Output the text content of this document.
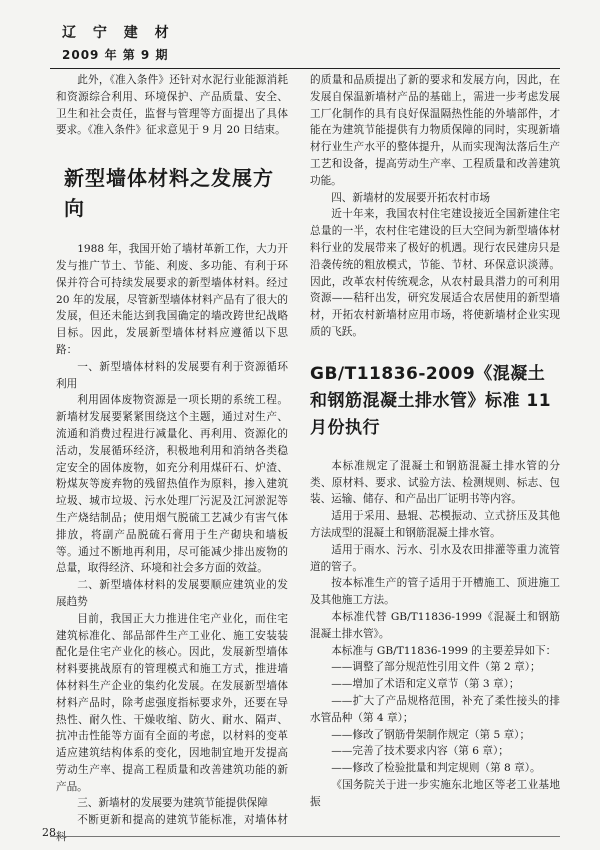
辽 宁 建 材
2009 年 第 9 期

此外，《准入条件》还针对水泥行业能源消耗和资源综合利用、环境保护、产品质量、安全、卫生和社会责任，监督与管理等方面提出了具体要求。《准入条件》征求意见于 9 月 20 日结束。

新型墙体材料之发展方向

1988 年，我国开始了墙材革新工作，大力开发与推广节土、节能、利废、多功能、有利于环保并符合可持续发展要求的新型墙体材料。经过 20 年的发展，尽管新型墙体材料产品有了很大的发展，但还未能达到我国确定的墙改跨世纪战略目标。因此，发展新型墙体材料应遵循以下思路：

一、新型墙体材料的发展要有利于资源循环利用

利用固体废物资源是一项长期的系统工程。新墙材发展要紧紧围绕这个主题，通过对生产、流通和消费过程进行减量化、再利用、资源化的活动，发展循环经济，积极地利用和消纳各类稳定安全的固体废物，如充分利用煤矸石、炉渣、粉煤灰等废弃物的残留热值作为原料，掺入建筑垃圾、城市垃圾、污水处理厂污泥及江河淤泥等生产烧结制品；使用烟气脱硫工艺减少有害气体排放，将副产品脱硫石膏用于生产砌块和墙板等。通过不断地再利用，尽可能减少排出废物的总量，取得经济、环境和社会多方面的效益。

二、新型墙体材料的发展要顺应建筑业的发展趋势

目前，我国正大力推进住宅产业化，而住宅建筑标准化、部品部件生产工业化、施工安装装配化是住宅产业化的核心。因此，发展新型墙体材料要挑战原有的管理模式和施工方式，推进墙体材料生产企业的集约化发展。在发展新型墙体材料产品时，除考虑强度指标要求外，还要在导热性、耐久性、干燥收缩、防火、耐水、隔声、抗冲击性能等方面有全面的考虑，以材料的变革适应建筑结构体系的变化，因地制宜地开发提高劳动生产率、提高工程质量和改善建筑功能的新产品。

三、新墙材的发展要为建筑节能提供保障

不断更新和提高的建筑节能标准，对墙体材料

的质量和品质提出了新的要求和发展方向，因此，在发展自保温新墙材产品的基础上，需进一步考虑发展工厂化制作的具有良好保温隔热性能的外墙部件，才能在为建筑节能提供有力物质保障的同时，实现新墙材行业生产水平的整体提升，从而实现淘汰落后生产工艺和设备，提高劳动生产率、工程质量和改善建筑功能。

四、新墙材的发展要开拓农村市场

近十年来，我国农村住宅建设接近全国新建住宅总量的一半，农村住宅建设的巨大空间为新型墙体材料行业的发展带来了极好的机遇。现行农民建房只是沿袭传统的粗放模式，节能、节材、环保意识淡薄。因此，改革农村传统观念，从农村最具潜力的可利用资源——秸秆出发，研究发展适合农居使用的新型墙材，开拓农村新墙材应用市场，将使新墙材企业实现质的飞跃。

GB/T11836-2009《混凝土和钢筋混凝土排水管》标准 11 月份执行

本标准规定了混凝土和钢筋混凝土排水管的分类、原材料、要求、试验方法、检测规则、标志、包装、运输、储存、和产品出厂证明书等内容。

适用于采用、悬辊、芯模振动、立式挤压及其他方法成型的混凝土和钢筋混凝土排水管。

适用于雨水、污水、引水及农田排灌等重力流管道的管子。

按本标准生产的管子适用于开槽施工、顶进施工及其他施工方法。

本标准代替 GB/T11836-1999《混凝土和钢筋混凝土排水管》。

本标准与 GB/T11836-1999 的主要差异如下：

——调整了部分规范性引用文件（第 2 章）；

——增加了术语和定义章节（第 3 章）；

——扩大了产品规格范围，补充了柔性接头的排水管品种（第 4 章）；

——修改了钢筋骨架制作规定（第 5 章）；

——完善了技术要求内容（第 6 章）；

——修改了检验批量和判定规则（第 8 章）。

《国务院关于进一步实施东北地区等老工业基地振

28
